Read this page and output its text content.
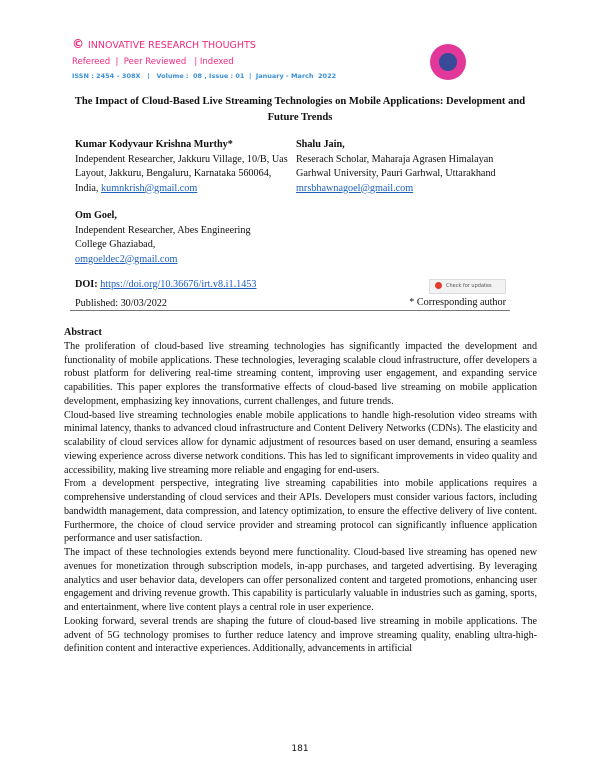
© INNOVATIVE RESEARCH THOUGHTS
Refereed  |  Peer Reviewed   | Indexed
ISSN : 2454 – 308X   |   Volume :  08 , Issue : 01  |  January - March  2022
The Impact of Cloud-Based Live Streaming Technologies on Mobile Applications: Development and Future Trends
Kumar Kodyvaur Krishna Murthy*
Independent Researcher, Jakkuru Village, 10/B, Uas Layout, Jakkuru, Bengaluru, Karnataka 560064, India, kumnkrish@gmail.com
Shalu Jain,
Reserach Scholar, Maharaja Agrasen Himalayan Garhwal University, Pauri Garhwal, Uttarakhand mrsbhawnagoel@gmail.com
Om Goel,
Independent Researcher, Abes Engineering College Ghaziabad, omgoeldec2@gmail.com
DOI: https://doi.org/10.36676/irt.v8.i1.1453
Published: 30/03/2022
Check for updates
* Corresponding author
Abstract

The proliferation of cloud-based live streaming technologies has significantly impacted the development and functionality of mobile applications. These technologies, leveraging scalable cloud infrastructure, offer developers a robust platform for delivering real-time streaming content, improving user engagement, and expanding service capabilities. This paper explores the transformative effects of cloud-based live streaming on mobile application development, emphasizing key innovations, current challenges, and future trends.

Cloud-based live streaming technologies enable mobile applications to handle high-resolution video streams with minimal latency, thanks to advanced cloud infrastructure and Content Delivery Networks (CDNs). The elasticity and scalability of cloud services allow for dynamic adjustment of resources based on user demand, ensuring a seamless viewing experience across diverse network conditions. This has led to significant improvements in video quality and accessibility, making live streaming more reliable and engaging for end-users.

From a development perspective, integrating live streaming capabilities into mobile applications requires a comprehensive understanding of cloud services and their APIs. Developers must consider various factors, including bandwidth management, data compression, and latency optimization, to ensure the effective delivery of live content. Furthermore, the choice of cloud service provider and streaming protocol can significantly influence application performance and user satisfaction.

The impact of these technologies extends beyond mere functionality. Cloud-based live streaming has opened new avenues for monetization through subscription models, in-app purchases, and targeted advertising. By leveraging analytics and user behavior data, developers can offer personalized content and targeted promotions, enhancing user engagement and driving revenue growth. This capability is particularly valuable in industries such as gaming, sports, and entertainment, where live content plays a central role in user experience.

Looking forward, several trends are shaping the future of cloud-based live streaming in mobile applications. The advent of 5G technology promises to further reduce latency and improve streaming quality, enabling ultra-high-definition content and interactive experiences. Additionally, advancements in artificial

181
